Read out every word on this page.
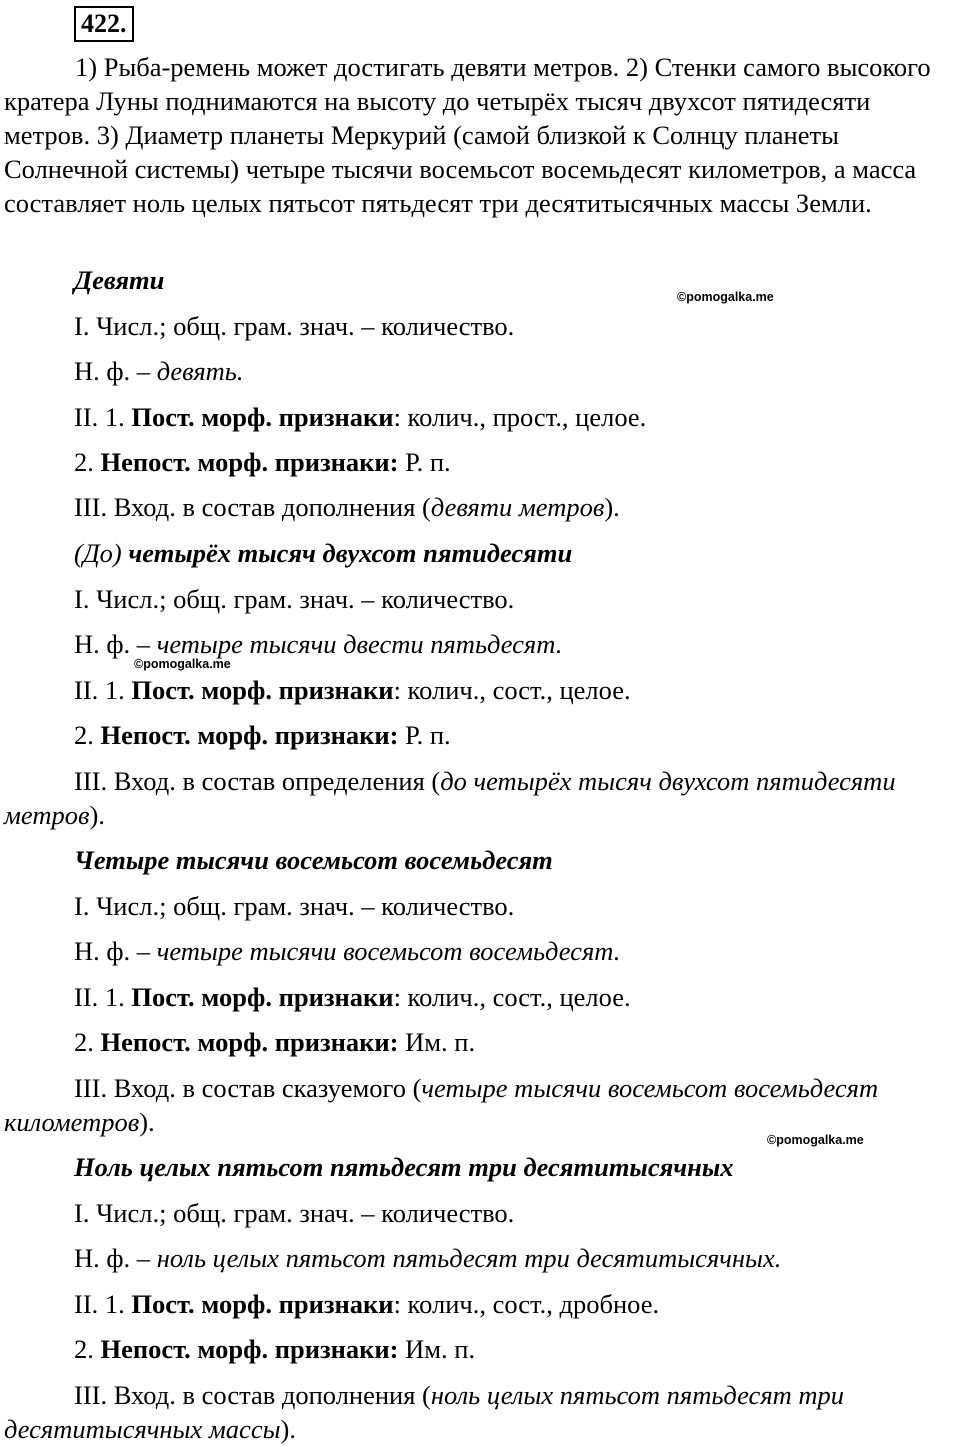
422.

1) Рыба-ремень может достигать девяти метров. 2) Стенки самого высокого кратера Луны поднимаются на высоту до четырёх тысяч двухсот пятидесяти метров. 3) Диаметр планеты Меркурий (самой близкой к Солнцу планеты Солнечной системы) четыре тысячи восемьсот восемьдесят километров, а масса составляет ноль целых пятьсот пятьдесят три десятитысячных массы Земли.

Девяти
©pomogalka.me
I. Числ.; общ. грам. знач. – количество.
Н. ф. – девять.
II. 1. Пост. морф. признаки: колич., прост., целое.
2. Непост. морф. признаки: Р. п.
III. Вход. в состав дополнения (девяти метров).
(До) четырёх тысяч двухсот пятидесяти
I. Числ.; общ. грам. знач. – количество.
Н. ф. – четыре тысячи двести пятьдесят.
©pomogalka.me
II. 1. Пост. морф. признаки: колич., сост., целое.
2. Непост. морф. признаки: Р. п.

III. Вход. в состав определения (до четырёх тысяч двухсот пятидесяти метров).

Четыре тысячи восемьсот восемьдесят
I. Числ.; общ. грам. знач. – количество.
Н. ф. – четыре тысячи восемьсот восемьдесят.
II. 1. Пост. морф. признаки: колич., сост., целое.
2. Непост. морф. признаки: Им. п.

III. Вход. в состав сказуемого (четыре тысячи восемьсот восемьдесят километров).

©pomogalka.me
Ноль целых пятьсот пятьдесят три десятитысячных
I. Числ.; общ. грам. знач. – количество.
Н. ф. – ноль целых пятьсот пятьдесят три десятитысячных.
II. 1. Пост. морф. признаки: колич., сост., дробное.
2. Непост. морф. признаки: Им. п.

III. Вход. в состав дополнения (ноль целых пятьсот пятьдесят три десятитысячных массы).
